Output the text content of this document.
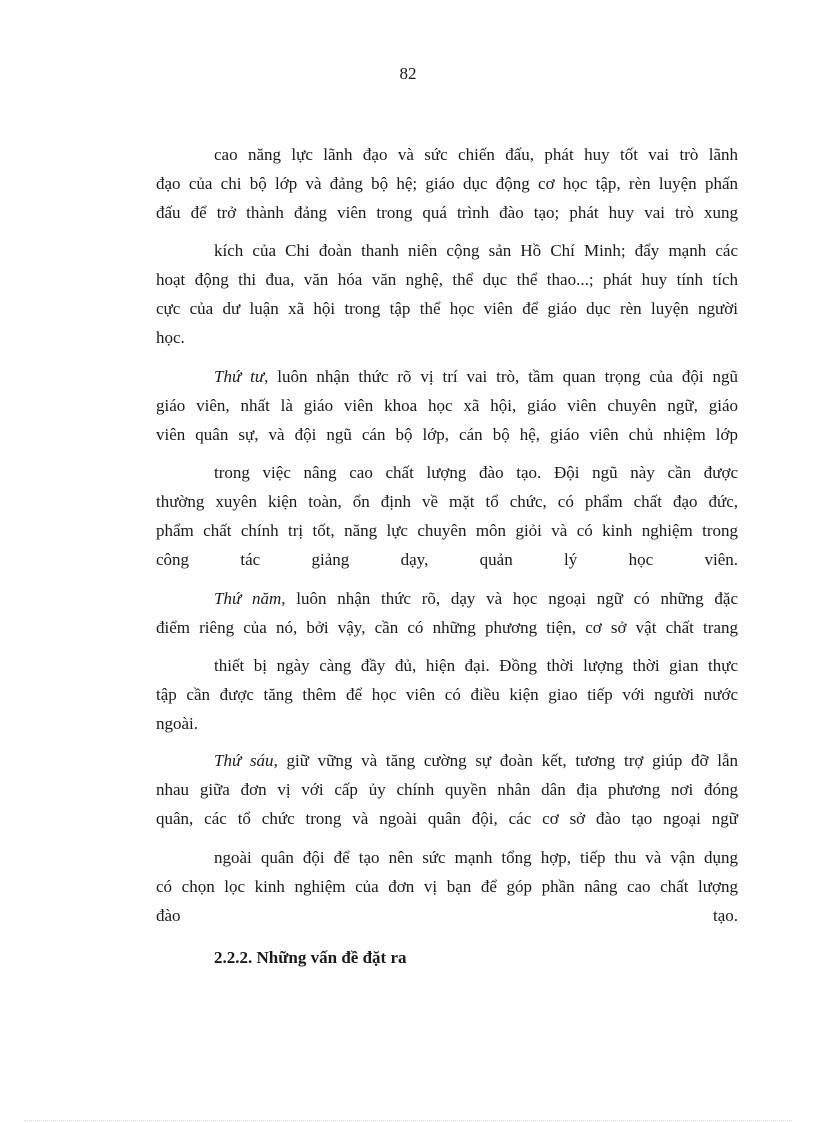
82
cao năng lực lãnh đạo và sức chiến đấu, phát huy tốt vai trò lãnh
đạo của chi bộ lớp và đảng bộ hệ; giáo dục động cơ học tập, rèn luyện phấn
đấu để trở thành đảng viên trong quá trình đào tạo; phát huy vai trò xung
kích của Chi đoàn thanh niên cộng sản Hồ Chí Minh; đẩy mạnh các
hoạt động thi đua, văn hóa văn nghệ, thể dục thể thao...; phát huy tính tích
cực của dư luận xã hội trong tập thể học viên để giáo dục rèn luyện người
học.
Thứ tư, luôn nhận thức rõ vị trí vai trò, tầm quan trọng của đội ngũ
giáo viên, nhất là giáo viên khoa học xã hội, giáo viên chuyên ngữ, giáo
viên quân sự, và đội ngũ cán bộ lớp, cán bộ hệ, giáo viên chủ nhiệm lớp
trong việc nâng cao chất lượng đào tạo. Đội ngũ này cần được
thường xuyên kiện toàn, ổn định về mặt tổ chức, có phẩm chất đạo đức,
phẩm chất chính trị tốt, năng lực chuyên môn giỏi và có kinh nghiệm trong
công tác giảng dạy, quản lý học viên.
Thứ năm, luôn nhận thức rõ, dạy và học ngoại ngữ có những đặc
điểm riêng của nó, bởi vậy, cần có những phương tiện, cơ sở vật chất trang
thiết bị ngày càng đầy đủ, hiện đại. Đồng thời lượng thời gian thực
tập cần được tăng thêm để học viên có điều kiện giao tiếp với người nước
ngoài.
Thứ sáu, giữ vững và tăng cường sự đoàn kết, tương trợ giúp đỡ lẫn
nhau giữa đơn vị với cấp ủy chính quyền nhân dân địa phương nơi đóng
quân, các tổ chức trong và ngoài quân đội, các cơ sở đào tạo ngoại ngữ
ngoài quân đội để tạo nên sức mạnh tổng hợp, tiếp thu và vận dụng
có chọn lọc kinh nghiệm của đơn vị bạn để góp phần nâng cao chất lượng
đào tạo.
2.2.2. Những vấn đề đặt ra
